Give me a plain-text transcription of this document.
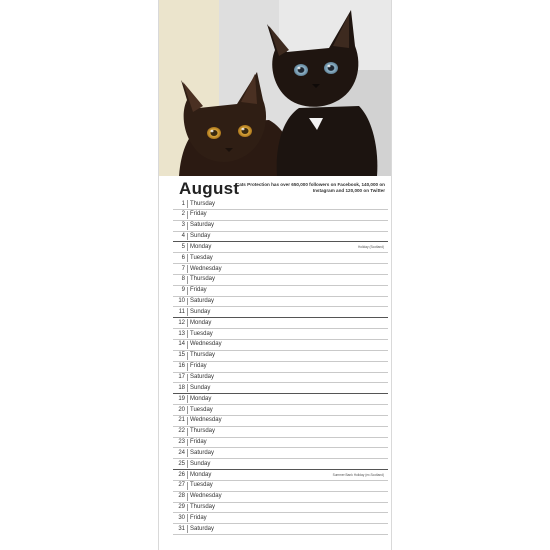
August
Cats Protection has over 650,000 followers on Facebook, 140,000 on Instagram and 120,000 on Twitter
1 Thursday
2 Friday
3 Saturday
4 Sunday
5 Monday	Holiday (Scotland)
6 Tuesday
7 Wednesday
8 Thursday
9 Friday
10 Saturday
11 Sunday
12 Monday
13 Tuesday
14 Wednesday
15 Thursday
16 Friday
17 Saturday
18 Sunday
19 Monday
20 Tuesday
21 Wednesday
22 Thursday
23 Friday
24 Saturday
25 Sunday
26 Monday	Summer Bank Holiday (ex.Scotland)
27 Tuesday
28 Wednesday
29 Thursday
30 Friday
31 Saturday
